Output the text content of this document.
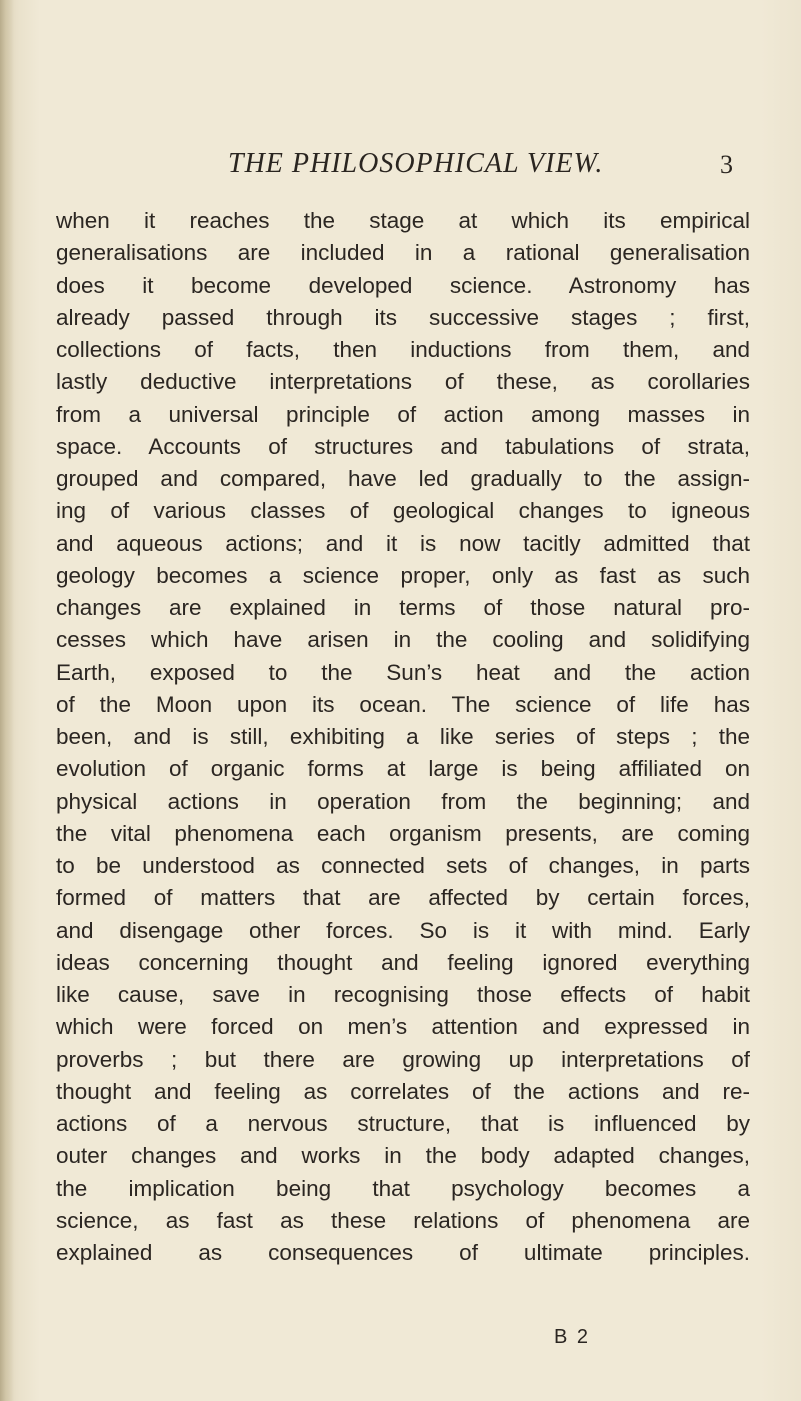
THE PHILOSOPHICAL VIEW.	3
when it reaches the stage at which its empirical
generalisations are included in a rational generalisation
does it become developed science. Astronomy has
already passed through its successive stages ; first,
collections of facts, then inductions from them, and
lastly deductive interpretations of these, as corollaries
from a universal principle of action among masses in
space. Accounts of structures and tabulations of strata,
grouped and compared, have led gradually to the assign-
ing of various classes of geological changes to igneous
and aqueous actions; and it is now tacitly admitted that
geology becomes a science proper, only as fast as such
changes are explained in terms of those natural pro-
cesses which have arisen in the cooling and solidifying
Earth, exposed to the Sun’s heat and the action
of the Moon upon its ocean. The science of life has
been, and is still, exhibiting a like series of steps ; the
evolution of organic forms at large is being affiliated on
physical actions in operation from the beginning; and
the vital phenomena each organism presents, are coming
to be understood as connected sets of changes, in parts
formed of matters that are affected by certain forces,
and disengage other forces. So is it with mind. Early
ideas concerning thought and feeling ignored everything
like cause, save in recognising those effects of habit
which were forced on men’s attention and expressed in
proverbs ; but there are growing up interpretations of
thought and feeling as correlates of the actions and re-
actions of a nervous structure, that is influenced by
outer changes and works in the body adapted changes,
the implication being that psychology becomes a
science, as fast as these relations of phenomena are
explained as consequences of ultimate principles.
B 2
